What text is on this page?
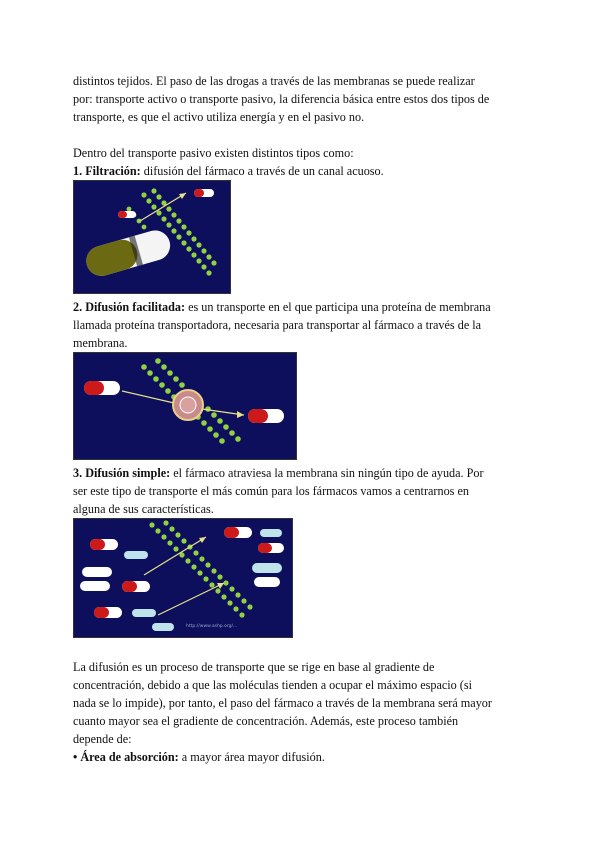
distintos tejidos. El paso de las drogas a través de las membranas se puede realizar
por: transporte activo o transporte pasivo, la diferencia básica entre estos dos tipos de
transporte, es que el activo utiliza energía y en el pasivo no.
Dentro del transporte pasivo existen distintos tipos como:
1. Filtración: difusión del fármaco a través de un canal acuoso.
2. Difusión facilitada: es un transporte en el que participa una proteína de membrana
llamada proteína transportadora, necesaria para transportar al fármaco a través de la
membrana.
3. Difusión simple: el fármaco atraviesa la membrana sin ningún tipo de ayuda. Por
ser este tipo de transporte el más común para los fármacos vamos a centrarnos en
alguna de sus características.
http://www.ashp.org/...
La difusión es un proceso de transporte que se rige en base al gradiente de
concentración, debido a que las moléculas tienden a ocupar el máximo espacio (si
nada se lo impide), por tanto, el paso del fármaco a través de la membrana será mayor
cuanto mayor sea el gradiente de concentración. Además, este proceso también
depende de:
• Área de absorción: a mayor área mayor difusión.
